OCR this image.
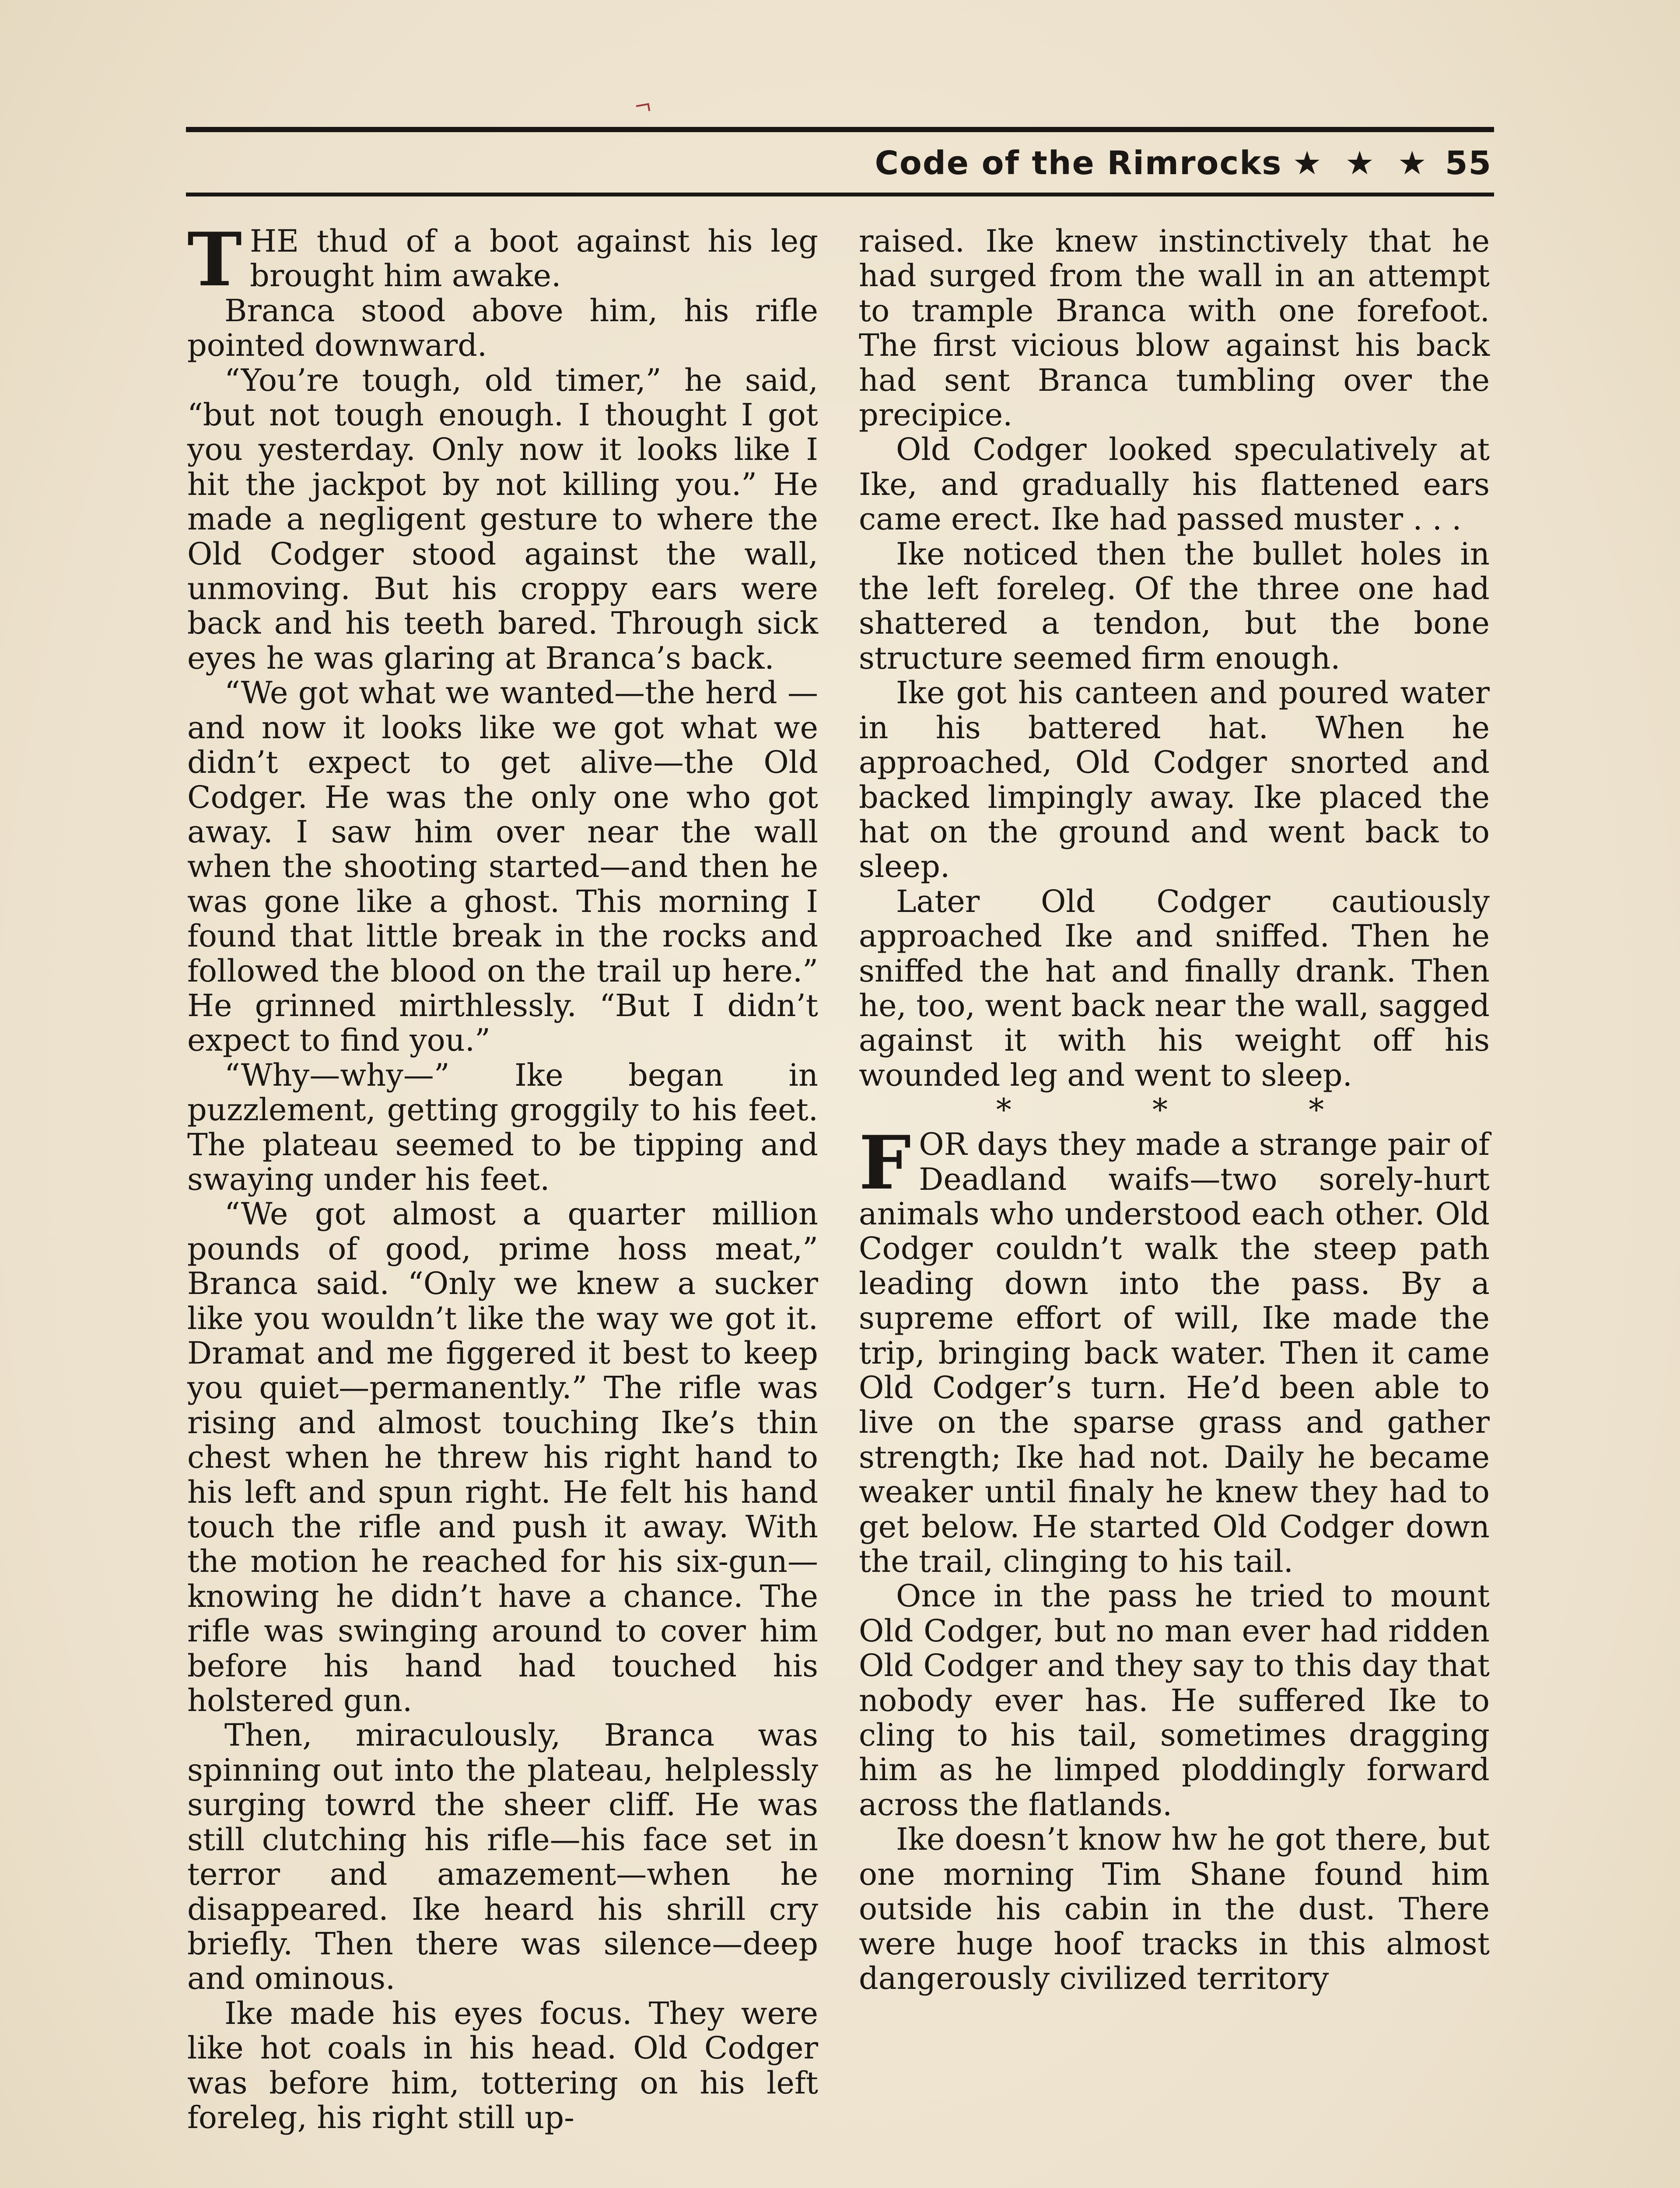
Code of the Rimrocks ★ ★ ★ 55

THE thud of a boot against his leg brought him awake.

Branca stood above him, his rifle pointed downward.

“You’re tough, old timer,” he said, “but not tough enough. I thought I got you yesterday. Only now it looks like I hit the jackpot by not killing you.” He made a negligent gesture to where the Old Codger stood against the wall, unmoving. But his croppy ears were back and his teeth bared. Through sick eyes he was glaring at Branca’s back.

“We got what we wanted—the herd —and now it looks like we got what we didn’t expect to get alive—the Old Codger. He was the only one who got away. I saw him over near the wall when the shooting started—and then he was gone like a ghost. This morning I found that little break in the rocks and followed the blood on the trail up here.” He grinned mirthlessly. “But I didn’t expect to find you.”

“Why—why—” Ike began in puzzlement, getting groggily to his feet. The plateau seemed to be tipping and swaying under his feet.

“We got almost a quarter million pounds of good, prime hoss meat,” Branca said. “Only we knew a sucker like you wouldn’t like the way we got it. Dramat and me figgered it best to keep you quiet—permanently.” The rifle was rising and almost touching Ike’s thin chest when he threw his right hand to his left and spun right. He felt his hand touch the rifle and push it away. With the motion he reached for his six-gun—knowing he didn’t have a chance. The rifle was swinging around to cover him before his hand had touched his holstered gun.

Then, miraculously, Branca was spinning out into the plateau, helplessly surging towrd the sheer cliff. He was still clutching his rifle—his face set in terror and amazement—when he disappeared. Ike heard his shrill cry briefly. Then there was silence—deep and ominous.

Ike made his eyes focus. They were like hot coals in his head. Old Codger was before him, tottering on his left foreleg, his right still up-

raised. Ike knew instinctively that he had surged from the wall in an attempt to trample Branca with one forefoot. The first vicious blow against his back had sent Branca tumbling over the precipice.

Old Codger looked speculatively at Ike, and gradually his flattened ears came erect. Ike had passed muster . . .

Ike noticed then the bullet holes in the left foreleg. Of the three one had shattered a tendon, but the bone structure seemed firm enough.

Ike got his canteen and poured water in his battered hat. When he approached, Old Codger snorted and backed limpingly away. Ike placed the hat on the ground and went back to sleep.

Later Old Codger cautiously approached Ike and sniffed. Then he sniffed the hat and finally drank. Then he, too, went back near the wall, sagged against it with his weight off his wounded leg and went to sleep.

* * *

FOR days they made a strange pair of Deadland waifs—two sorely-hurt animals who understood each other. Old Codger couldn’t walk the steep path leading down into the pass. By a supreme effort of will, Ike made the trip, bringing back water. Then it came Old Codger’s turn. He’d been able to live on the sparse grass and gather strength; Ike had not. Daily he became weaker until finaly he knew they had to get below. He started Old Codger down the trail, clinging to his tail.

Once in the pass he tried to mount Old Codger, but no man ever had ridden Old Codger and they say to this day that nobody ever has. He suffered Ike to cling to his tail, sometimes dragging him as he limped ploddingly forward across the flatlands.

Ike doesn’t know hw he got there, but one morning Tim Shane found him outside his cabin in the dust. There were huge hoof tracks in this almost dangerously civilized territory
